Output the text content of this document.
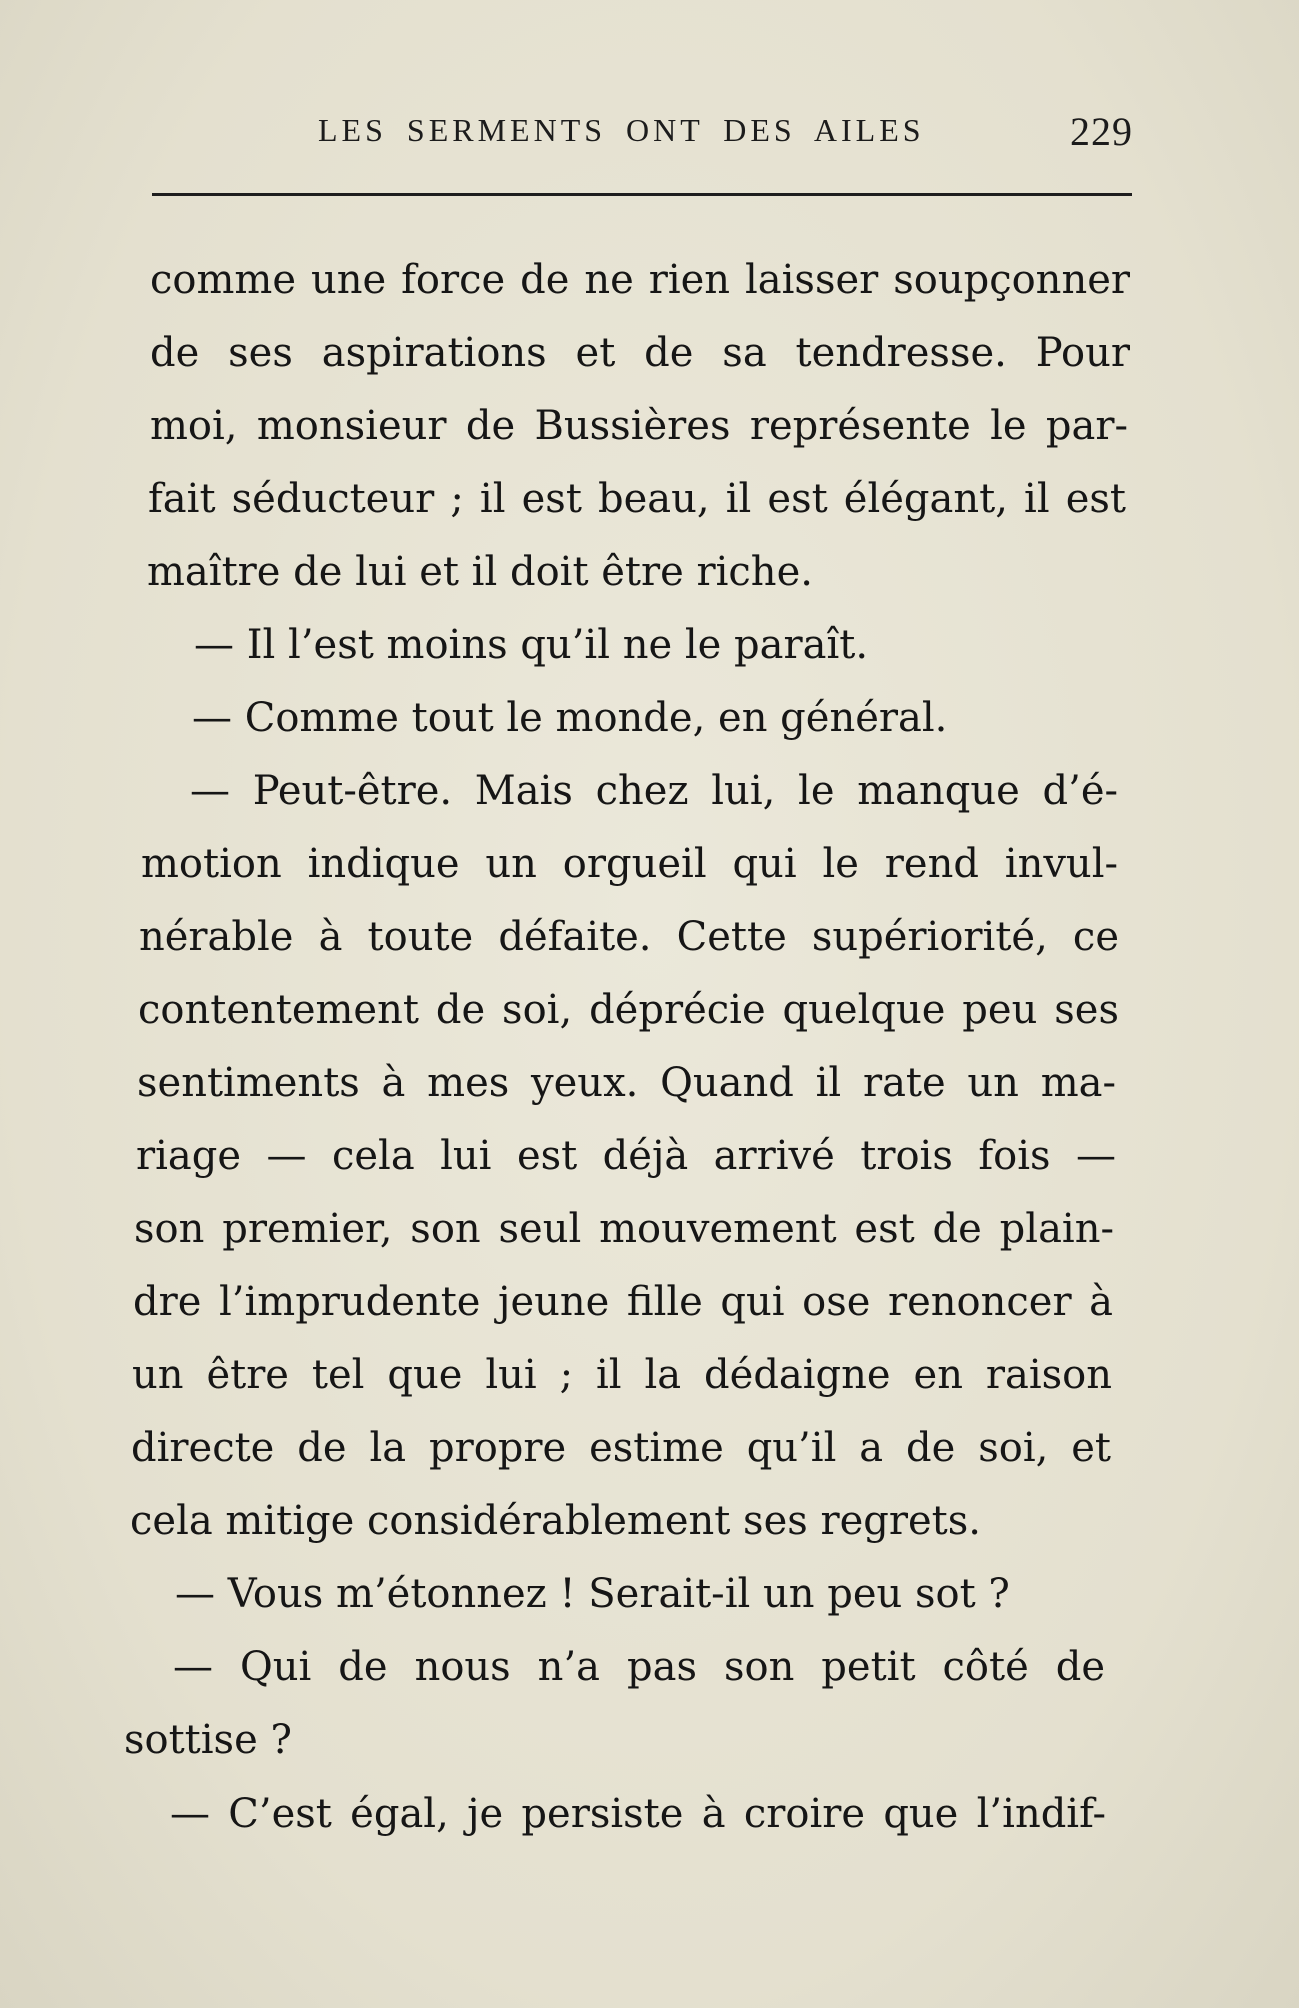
LES SERMENTS ONT DES AILES	229
comme une force de ne rien laisser soupçonner
de ses aspirations et de sa tendresse. Pour
moi, monsieur de Bussières représente le par-
fait séducteur ; il est beau, il est élégant, il est
maître de lui et il doit être riche.
— Il l’est moins qu’il ne le paraît.
— Comme tout le monde, en général.
— Peut-être. Mais chez lui, le manque d’é-
motion indique un orgueil qui le rend invul-
nérable à toute défaite. Cette supériorité, ce
contentement de soi, déprécie quelque peu ses
sentiments à mes yeux. Quand il rate un ma-
riage — cela lui est déjà arrivé trois fois —
son premier, son seul mouvement est de plain-
dre l’imprudente jeune fille qui ose renoncer à
un être tel que lui ; il la dédaigne en raison
directe de la propre estime qu’il a de soi, et
cela mitige considérablement ses regrets.
— Vous m’étonnez ! Serait-il un peu sot ?
— Qui de nous n’a pas son petit côté de
sottise ?
— C’est égal, je persiste à croire que l’indif-
